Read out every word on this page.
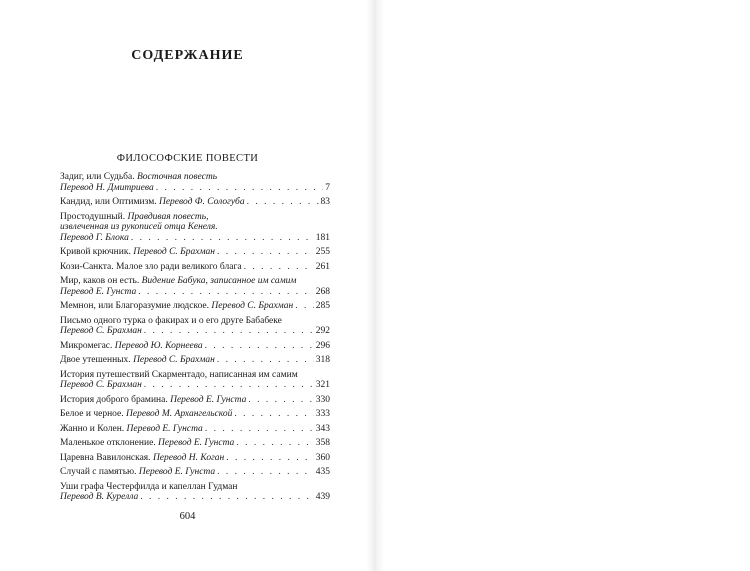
СОДЕРЖАНИЕ
ФИЛОСОФСКИЕ ПОВЕСТИ
Задиг, или Судьба. Восточная повесть
Перевод Н. Дмитриева . . .	7
Кандид, или Оптимизм. Перевод Ф. Сологуба . . .	83
Простодушный. Правдивая повесть,
извлеченная из рукописей отца Кенеля.
Перевод Г. Блока . . .	181
Кривой крючник. Перевод С. Брахман . . .	255
Кози-Санкта. Малое зло ради великого блага . . .	261
Мир, каков он есть. Видение Бабука, записанное им самим
Перевод Е. Гунста . . .	268
Мемнон, или Благоразумие людское. Перевод С. Брахман . . . 285
Письмо одного турка о факирах и о его друге Бабабеке
Перевод С. Брахман . . .	292
Микромегас. Перевод Ю. Корнеева . . .	296
Двое утешенных. Перевод С. Брахман . . .	318
История путешествий Скарментадо, написанная им самим
Перевод С. Брахман . . .	321
История доброго брамина. Перевод Е. Гунста . . .	330
Белое и черное. Перевод М. Архангельской . . .	333
Жанно и Колен. Перевод Е. Гунста . . .	343
Маленькое отклонение. Перевод Е. Гунста . . .	358
Царевна Вавилонская. Перевод Н. Коган . . .	360
Случай с памятью. Перевод Е. Гунста . . .	435
Уши графа Честерфилда и капеллан Гудман
Перевод В. Курелла . . .	439
604
